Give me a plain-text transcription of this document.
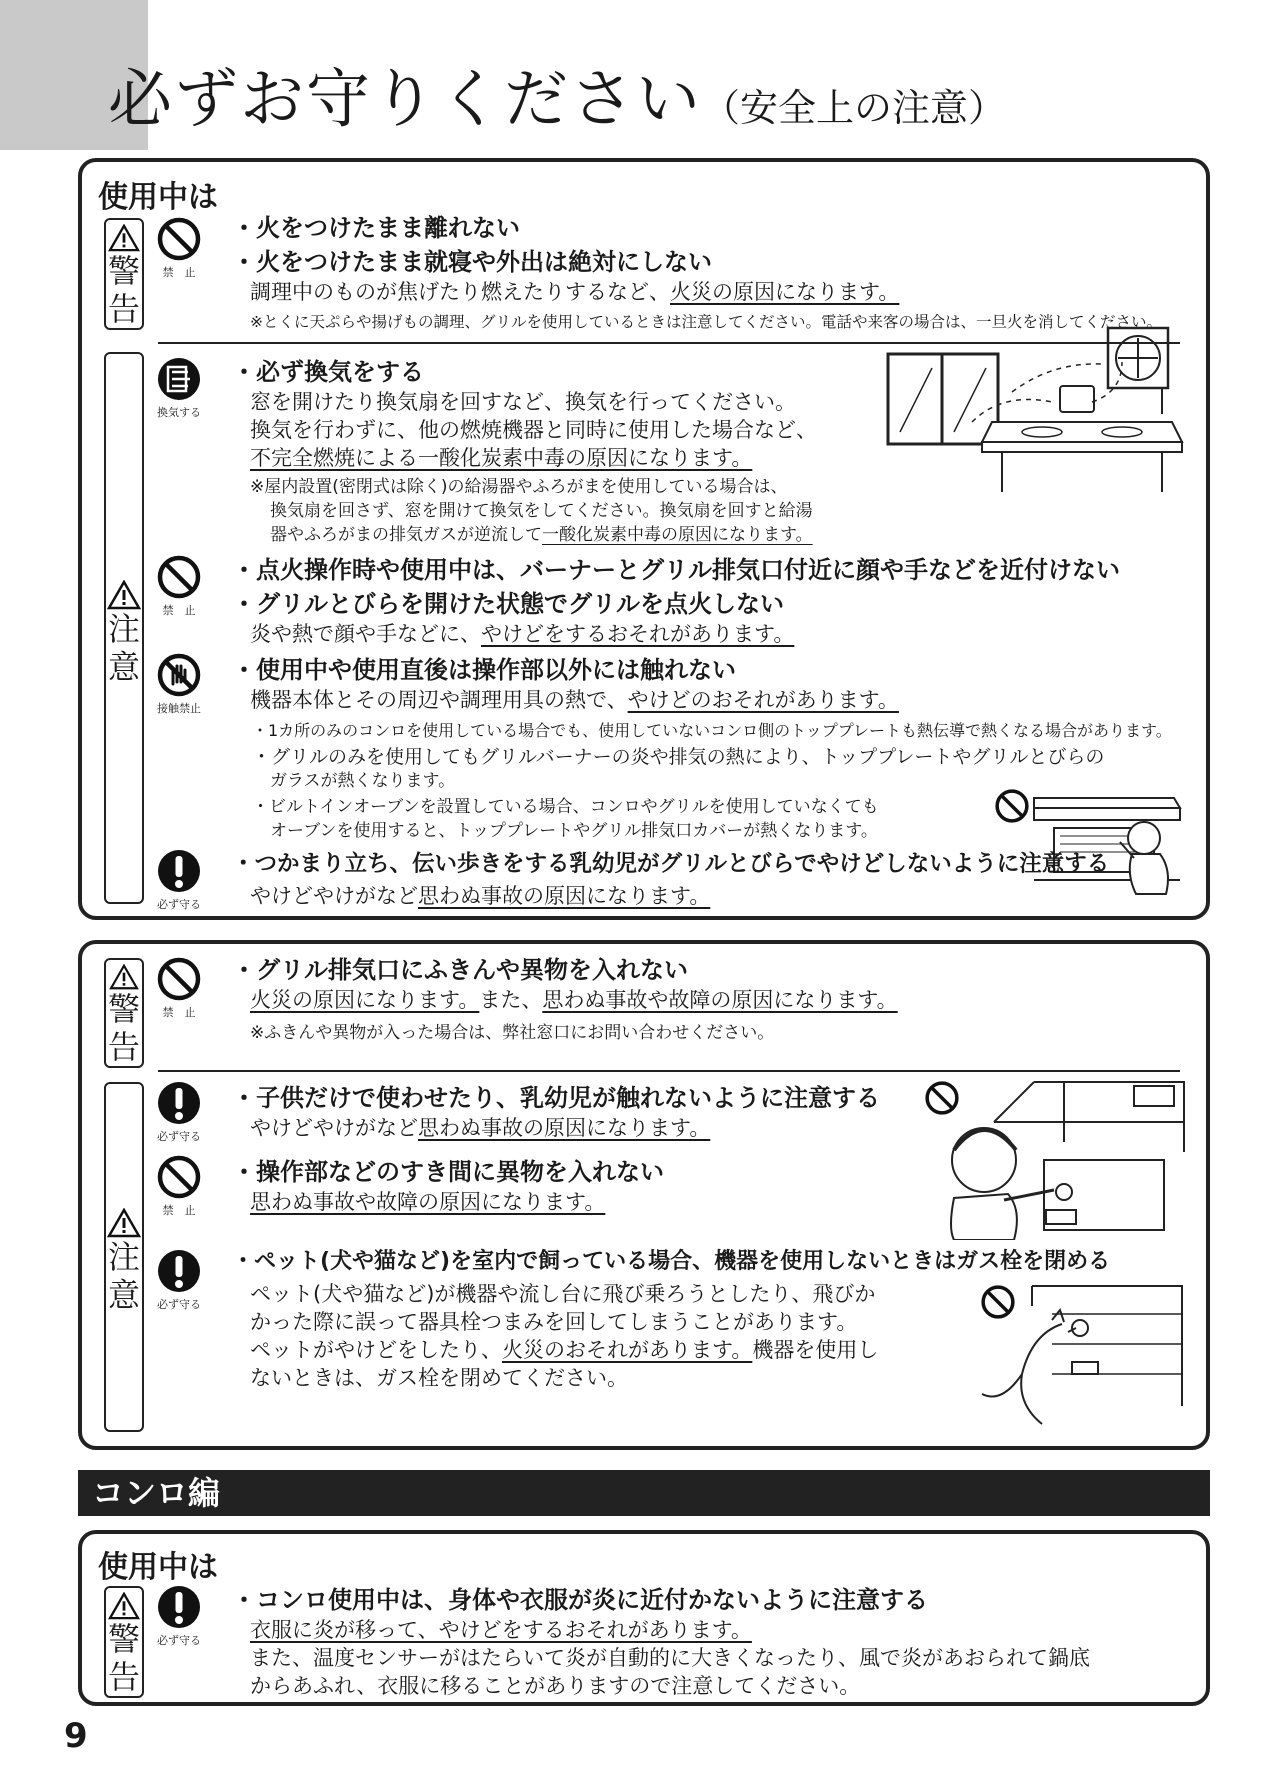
必ずお守りください（安全上の注意）
使用中は
警
告
禁　止
・火をつけたまま離れない
・火をつけたまま就寝や外出は絶対にしない
調理中のものが焦げたり燃えたりするなど、火災の原因になります。
※とくに天ぷらや揚げもの調理、グリルを使用しているときは注意してください。電話や来客の場合は、一旦火を消してください。
注
意
換気する
・必ず換気をする
窓を開けたり換気扇を回すなど、換気を行ってください。
換気を行わずに、他の燃焼機器と同時に使用した場合など、
不完全燃焼による一酸化炭素中毒の原因になります。
※屋内設置(密閉式は除く)の給湯器やふろがまを使用している場合は、
換気扇を回さず、窓を開けて換気をしてください。換気扇を回すと給湯
器やふろがまの排気ガスが逆流して一酸化炭素中毒の原因になります。
禁　止
・点火操作時や使用中は、バーナーとグリル排気口付近に顔や手などを近付けない
・グリルとびらを開けた状態でグリルを点火しない
炎や熱で顔や手などに、やけどをするおそれがあります。
接触禁止
・使用中や使用直後は操作部以外には触れない
機器本体とその周辺や調理用具の熱で、やけどのおそれがあります。
・1カ所のみのコンロを使用している場合でも、使用していないコンロ側のトッププレートも熱伝導で熱くなる場合があります。
・グリルのみを使用してもグリルバーナーの炎や排気の熱により、トッププレートやグリルとびらの
ガラスが熱くなります。
・ビルトインオーブンを設置している場合、コンロやグリルを使用していなくても
オーブンを使用すると、トッププレートやグリル排気口カバーが熱くなります。
必ず守る
・つかまり立ち、伝い歩きをする乳幼児がグリルとびらでやけどしないように注意する
やけどやけがなど思わぬ事故の原因になります。
警
告
禁　止
・グリル排気口にふきんや異物を入れない
火災の原因になります。また、思わぬ事故や故障の原因になります。
※ふきんや異物が入った場合は、弊社窓口にお問い合わせください。
注
意
必ず守る
・子供だけで使わせたり、乳幼児が触れないように注意する
やけどやけがなど思わぬ事故の原因になります。
禁　止
・操作部などのすき間に異物を入れない
思わぬ事故や故障の原因になります。
必ず守る
・ペット(犬や猫など)を室内で飼っている場合、機器を使用しないときはガス栓を閉める
ペット(犬や猫など)が機器や流し台に飛び乗ろうとしたり、飛びか
かった際に誤って器具栓つまみを回してしまうことがあります。
ペットがやけどをしたり、火災のおそれがあります。機器を使用し
ないときは、ガス栓を閉めてください。
コンロ編
使用中は
警
告
必ず守る
・コンロ使用中は、身体や衣服が炎に近付かないように注意する
衣服に炎が移って、やけどをするおそれがあります。
また、温度センサーがはたらいて炎が自動的に大きくなったり、風で炎があおられて鍋底
からあふれ、衣服に移ることがありますので注意してください。
9
